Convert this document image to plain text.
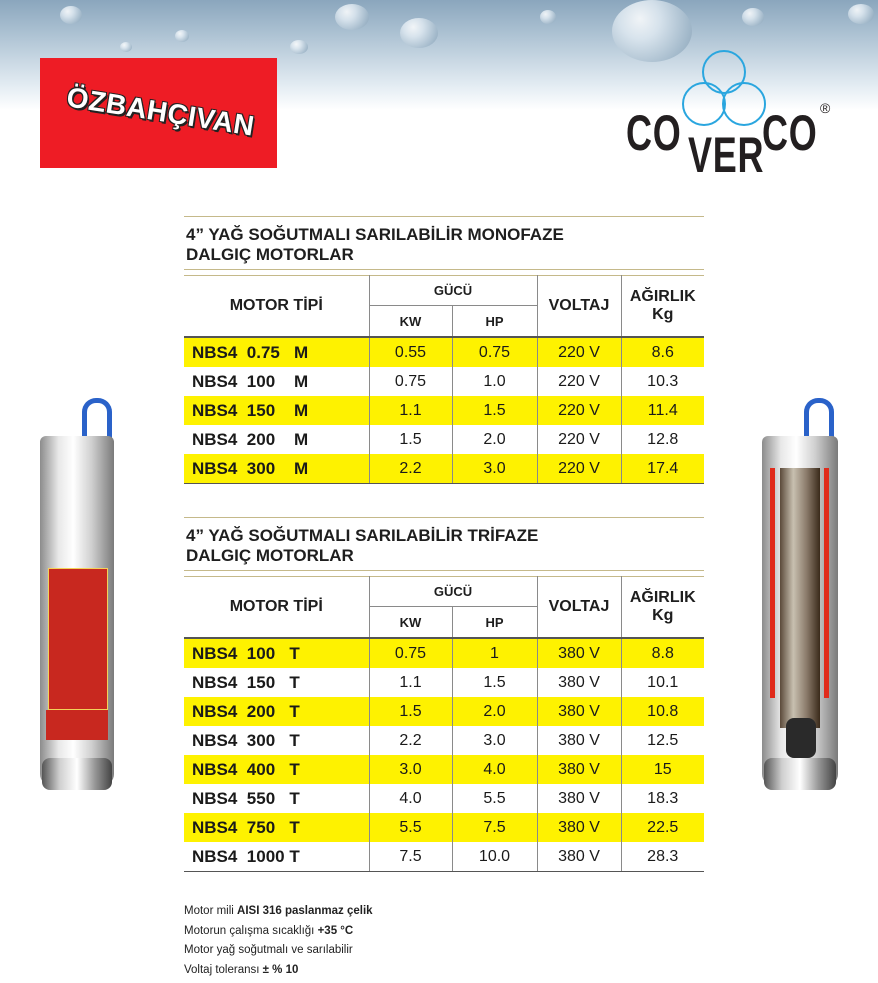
ÖZBAHÇIVAN	CO VER
CO ®
4” YAĞ SOĞUTMALI SARILABİLİR MONOFAZE
DALGIÇ MOTORLAR
MOTOR TİPİ	GÜCÜ		VOLTAJ	AĞIRLIK
Kg

	KW	HP		
NBS4  0.75   M	0.55	0.75	220 V	8.6
NBS4  100    M	0.75	1.0	220 V	10.3
NBS4  150    M	1.1	1.5	220 V	11.4
NBS4  200    M	1.5	2.0	220 V	12.8
NBS4  300    M	2.2	3.0	220 V	17.4
4” YAĞ SOĞUTMALI SARILABİLİR TRİFAZE
DALGIÇ MOTORLAR
MOTOR TİPİ	GÜCÜ		VOLTAJ	AĞIRLIK
Kg

	KW	HP		
NBS4  100   T	0.75	1	380 V	8.8
NBS4  150   T	1.1	1.5	380 V	10.1
NBS4  200   T	1.5	2.0	380 V	10.8
NBS4  300   T	2.2	3.0	380 V	12.5
NBS4  400   T	3.0	4.0	380 V	15
NBS4  550   T	4.0	5.5	380 V	18.3
NBS4  750   T	5.5	7.5	380 V	22.5
NBS4  1000 T	7.5	10.0	380 V	28.3
Motor mili AISI 316 paslanmaz çelik
Motorun çalışma sıcaklığı +35 °C
Motor yağ soğutmalı ve sarılabilir
Voltaj toleransı ± % 10
